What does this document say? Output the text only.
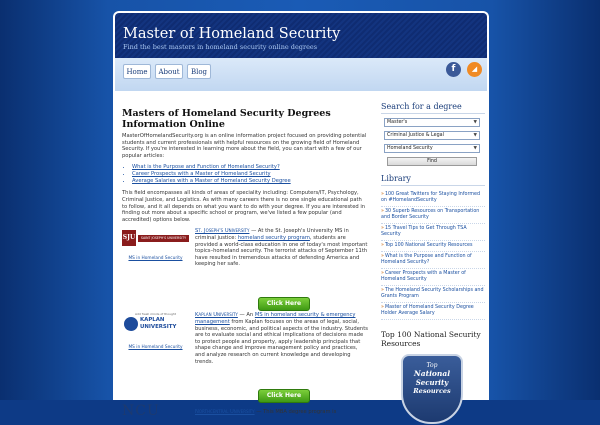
Master of Homeland Security
Find the best masters in homeland security online degrees
Home	About	Blog	f	◢
Masters of Homeland Security Degrees Information Online

MasterOfHomelandSecurity.org is an online information project focused on providing potential students and current professionals with helpful resources on the growing field of Homeland Security. If you're interested in learning more about the field, you can start with a few of our popular articles:

• What is the Purpose and Function of Homeland Security?
• Career Prospects with a Master of Homeland Security
• Average Salaries with a Master of Homeland Security Degree

This field encompasses all kinds of areas of speciality including: Computers/IT, Psychology, Criminal Justice, and Logistics. As with many careers there is no one single educational path to follow, and it all depends on what you want to do with your degree. If you are interested in finding out more about a specific school or program, we've listed a few popular (and accredited) options below.

SJU	SAINT JOSEPH'S UNIVERSITY
MS in Homeland Security
St. Joseph's University — At the St. Joseph's University MS in criminal justice: homeland security program, students are provided a world-class education in one of today's most important topics–homeland security. The terrorist attacks of September 11th have resulted in tremendous attacks of defending America and keeping her safe.
Click Here
Add fresh minds of thought
KAPLAN UNIVERSITY
MS in Homeland Security
Kaplan University — An MS in homeland security & emergency management from Kaplan focuses on the areas of legal, social, business, economic, and political aspects of the industry. Students are to evaluate social and ethical implications of decisions made to protect people and property, apply leadership principals that shape change and improve management policy and practices, and analyze research on current knowledge and developing trends.
Click Here
NCU	Northcentral University — This MBA degree program is
Search for a degree
Master's	▼
Criminal Justice & Legal	▼
Homeland Security	▼
Find
Library
»100 Great Twitters for Staying Informed on #HomelandSecurity
»30 Superb Resources on Transportation and Border Security
»15 Travel Tips to Get Through TSA Security
»Top 100 National Security Resources
»What is the Purpose and Function of Homeland Security?
»Career Prospects with a Master of Homeland Security
»The Homeland Security Scholarships and Grants Program
»Master of Homeland Security Degree Holder Average Salary
Top 100 National Security Resources
Top
National
Security
Resources
